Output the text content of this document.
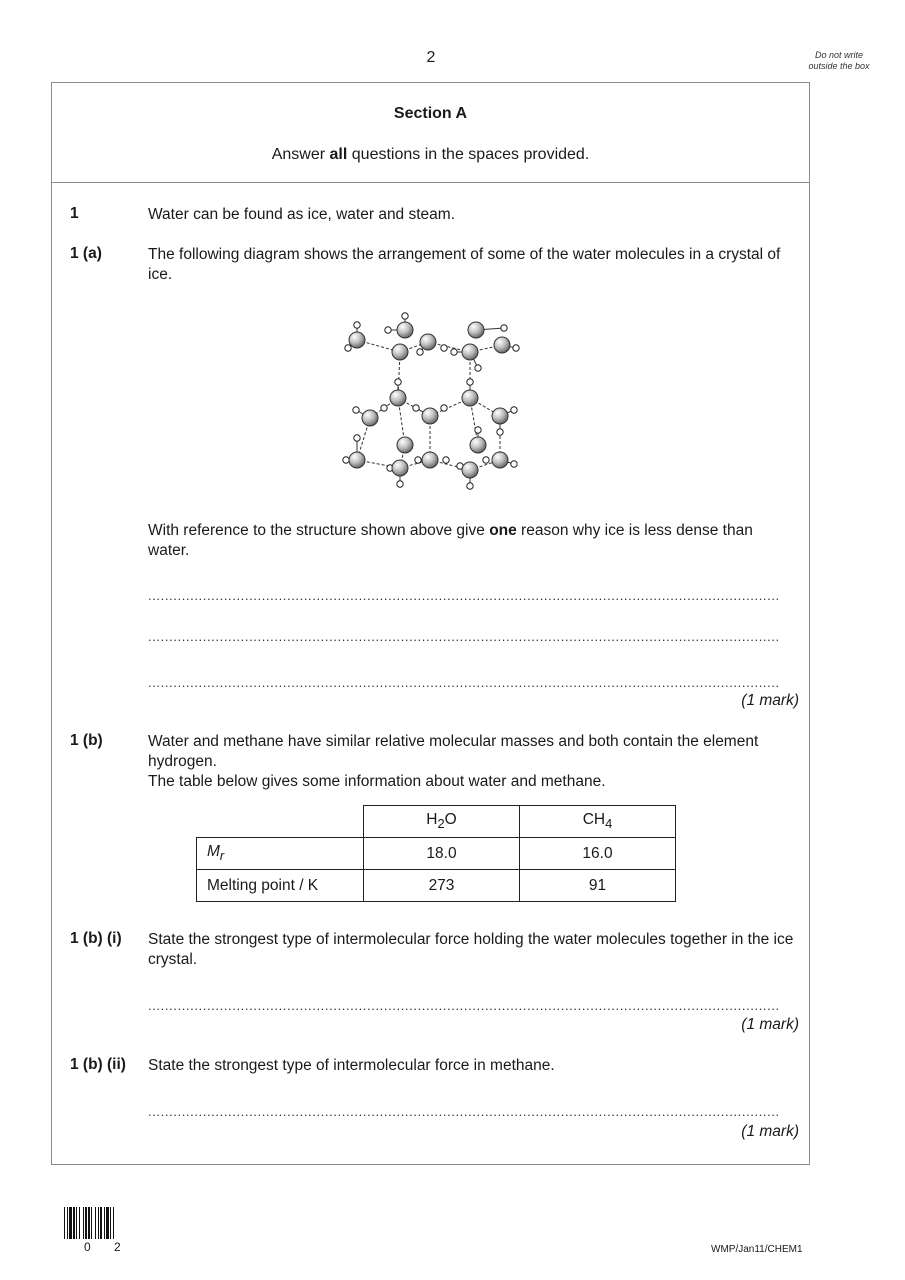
2	Do not write outside the box
Section A
Answer all questions in the spaces provided.
1	Water can be found as ice, water and steam.
1 (a)	The following diagram shows the arrangement of some of the water molecules in a crystal of ice.
With reference to the structure shown above give one reason why ice is less dense than water.
......................................................................................................................................................
......................................................................................................................................................
......................................................................................................................................................
(1 mark)
1 (b)	Water and methane have similar relative molecular masses and both contain the element hydrogen.
The table below gives some information about water and methane.
	$H_2O$	$CH_4$
$M_r$	18.0	16.0
Melting point / K	273	91
1 (b) (i) State the strongest type of intermolecular force holding the water molecules together in the ice crystal.
......................................................................................................................................................
(1 mark)
1 (b) (ii) State the strongest type of intermolecular force in methane.
......................................................................................................................................................
(1 mark)
0 2	WMP/Jan11/CHEM1
